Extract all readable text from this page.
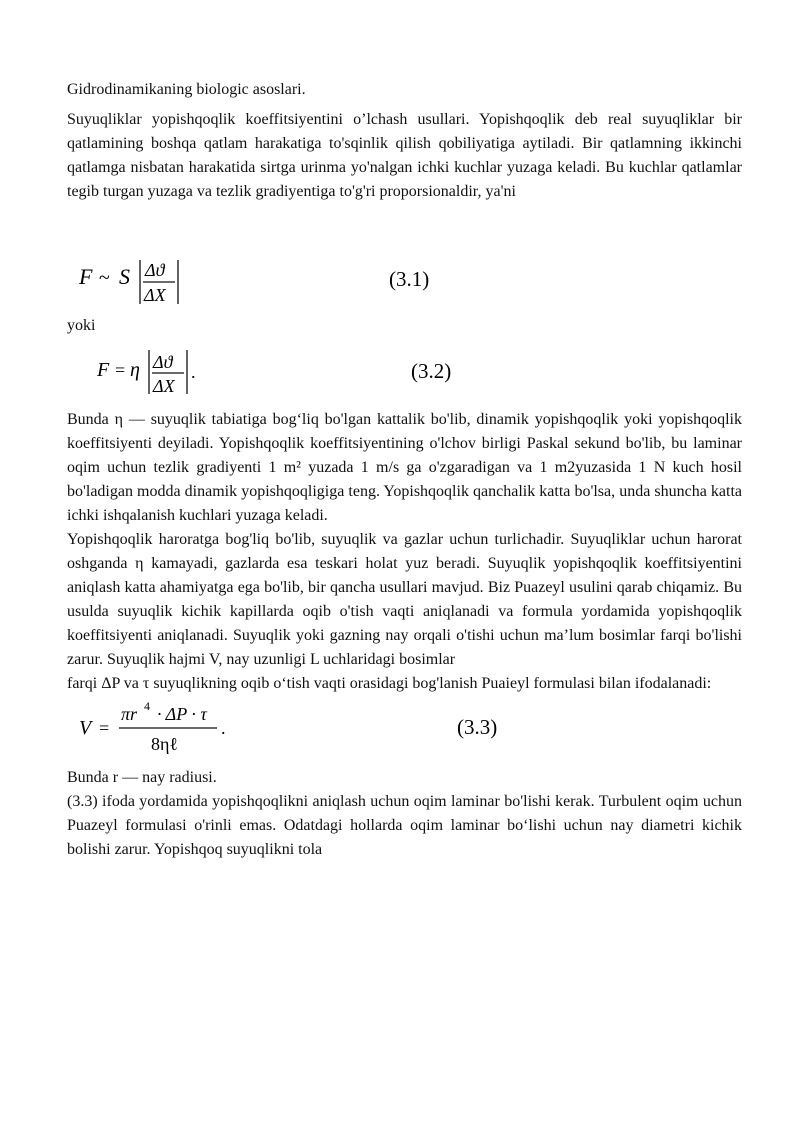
Gidrodinamikaning biologic asoslari.

Suyuqliklar yopishqoqlik koeffitsiyentini o’lchash usullari. Yopishqoqlik deb real suyuqliklar bir qatlamining boshqa qatlam harakatiga to'sqinlik qilish qobiliyatiga aytiladi. Bir qatlamning ikkinchi qatlamga nisbatan harakatida sirtga urinma yo'nalgan ichki kuchlar yuzaga keladi. Bu kuchlar qatlamlar tegib turgan yuzaga va tezlik gradiyentiga to'g'ri proporsionaldir, ya'ni

F ~ S Δϑ
ΔX
(3.1)

yoki

F = η Δϑ
ΔX
.	(3.2)

Bunda η — suyuqlik tabiatiga bog‘liq bo'lgan kattalik bo'lib, dinamik yopishqoqlik yoki yopishqoqlik koeffitsiyenti deyiladi. Yopishqoqlik koeffitsiyentining o'lchov birligi Paskal sekund bo'lib, bu laminar oqim uchun tezlik gradiyenti 1 m² yuzada 1 m/s ga o'zgaradigan va 1 m2yuzasida 1 N kuch hosil bo'ladigan modda dinamik yopishqoqligiga teng. Yopishqoqlik qanchalik katta bo'lsa, unda shuncha katta ichki ishqalanish kuchlari yuzaga keladi.

Yopishqoqlik haroratga bog'liq bo'lib, suyuqlik va gazlar uchun turlichadir. Suyuqliklar uchun harorat oshganda η kamayadi, gazlarda esa teskari holat yuz beradi. Suyuqlik yopishqoqlik koeffitsiyentini aniqlash katta ahamiyatga ega bo'lib, bir qancha usullari mavjud. Biz Puazeyl usulini qarab chiqamiz. Bu usulda suyuqlik kichik kapillarda oqib o'tish vaqti aniqlanadi va formula yordamida yopishqoqlik koeffitsiyenti aniqlanadi. Suyuqlik yoki gazning nay orqali o'tishi uchun ma’lum bosimlar farqi bo'lishi zarur. Suyuqlik hajmi V, nay uzunligi L uchlaridagi bosimlar

farqi ΔP va τ suyuqlikning oqib o‘tish vaqti orasidagi bog'lanish Puaieyl formulasi bilan ifodalanadi:

V =
πr 4 · ΔP · τ
8ηℓ
.	(3.3)

Bunda r — nay radiusi.

(3.3) ifoda yordamida yopishqoqlikni aniqlash uchun oqim laminar bo'lishi kerak. Turbulent oqim uchun Puazeyl formulasi o'rinli emas. Odatdagi hollarda oqim laminar bo‘lishi uchun nay diametri kichik bolishi zarur. Yopishqoq suyuqlikni tola
